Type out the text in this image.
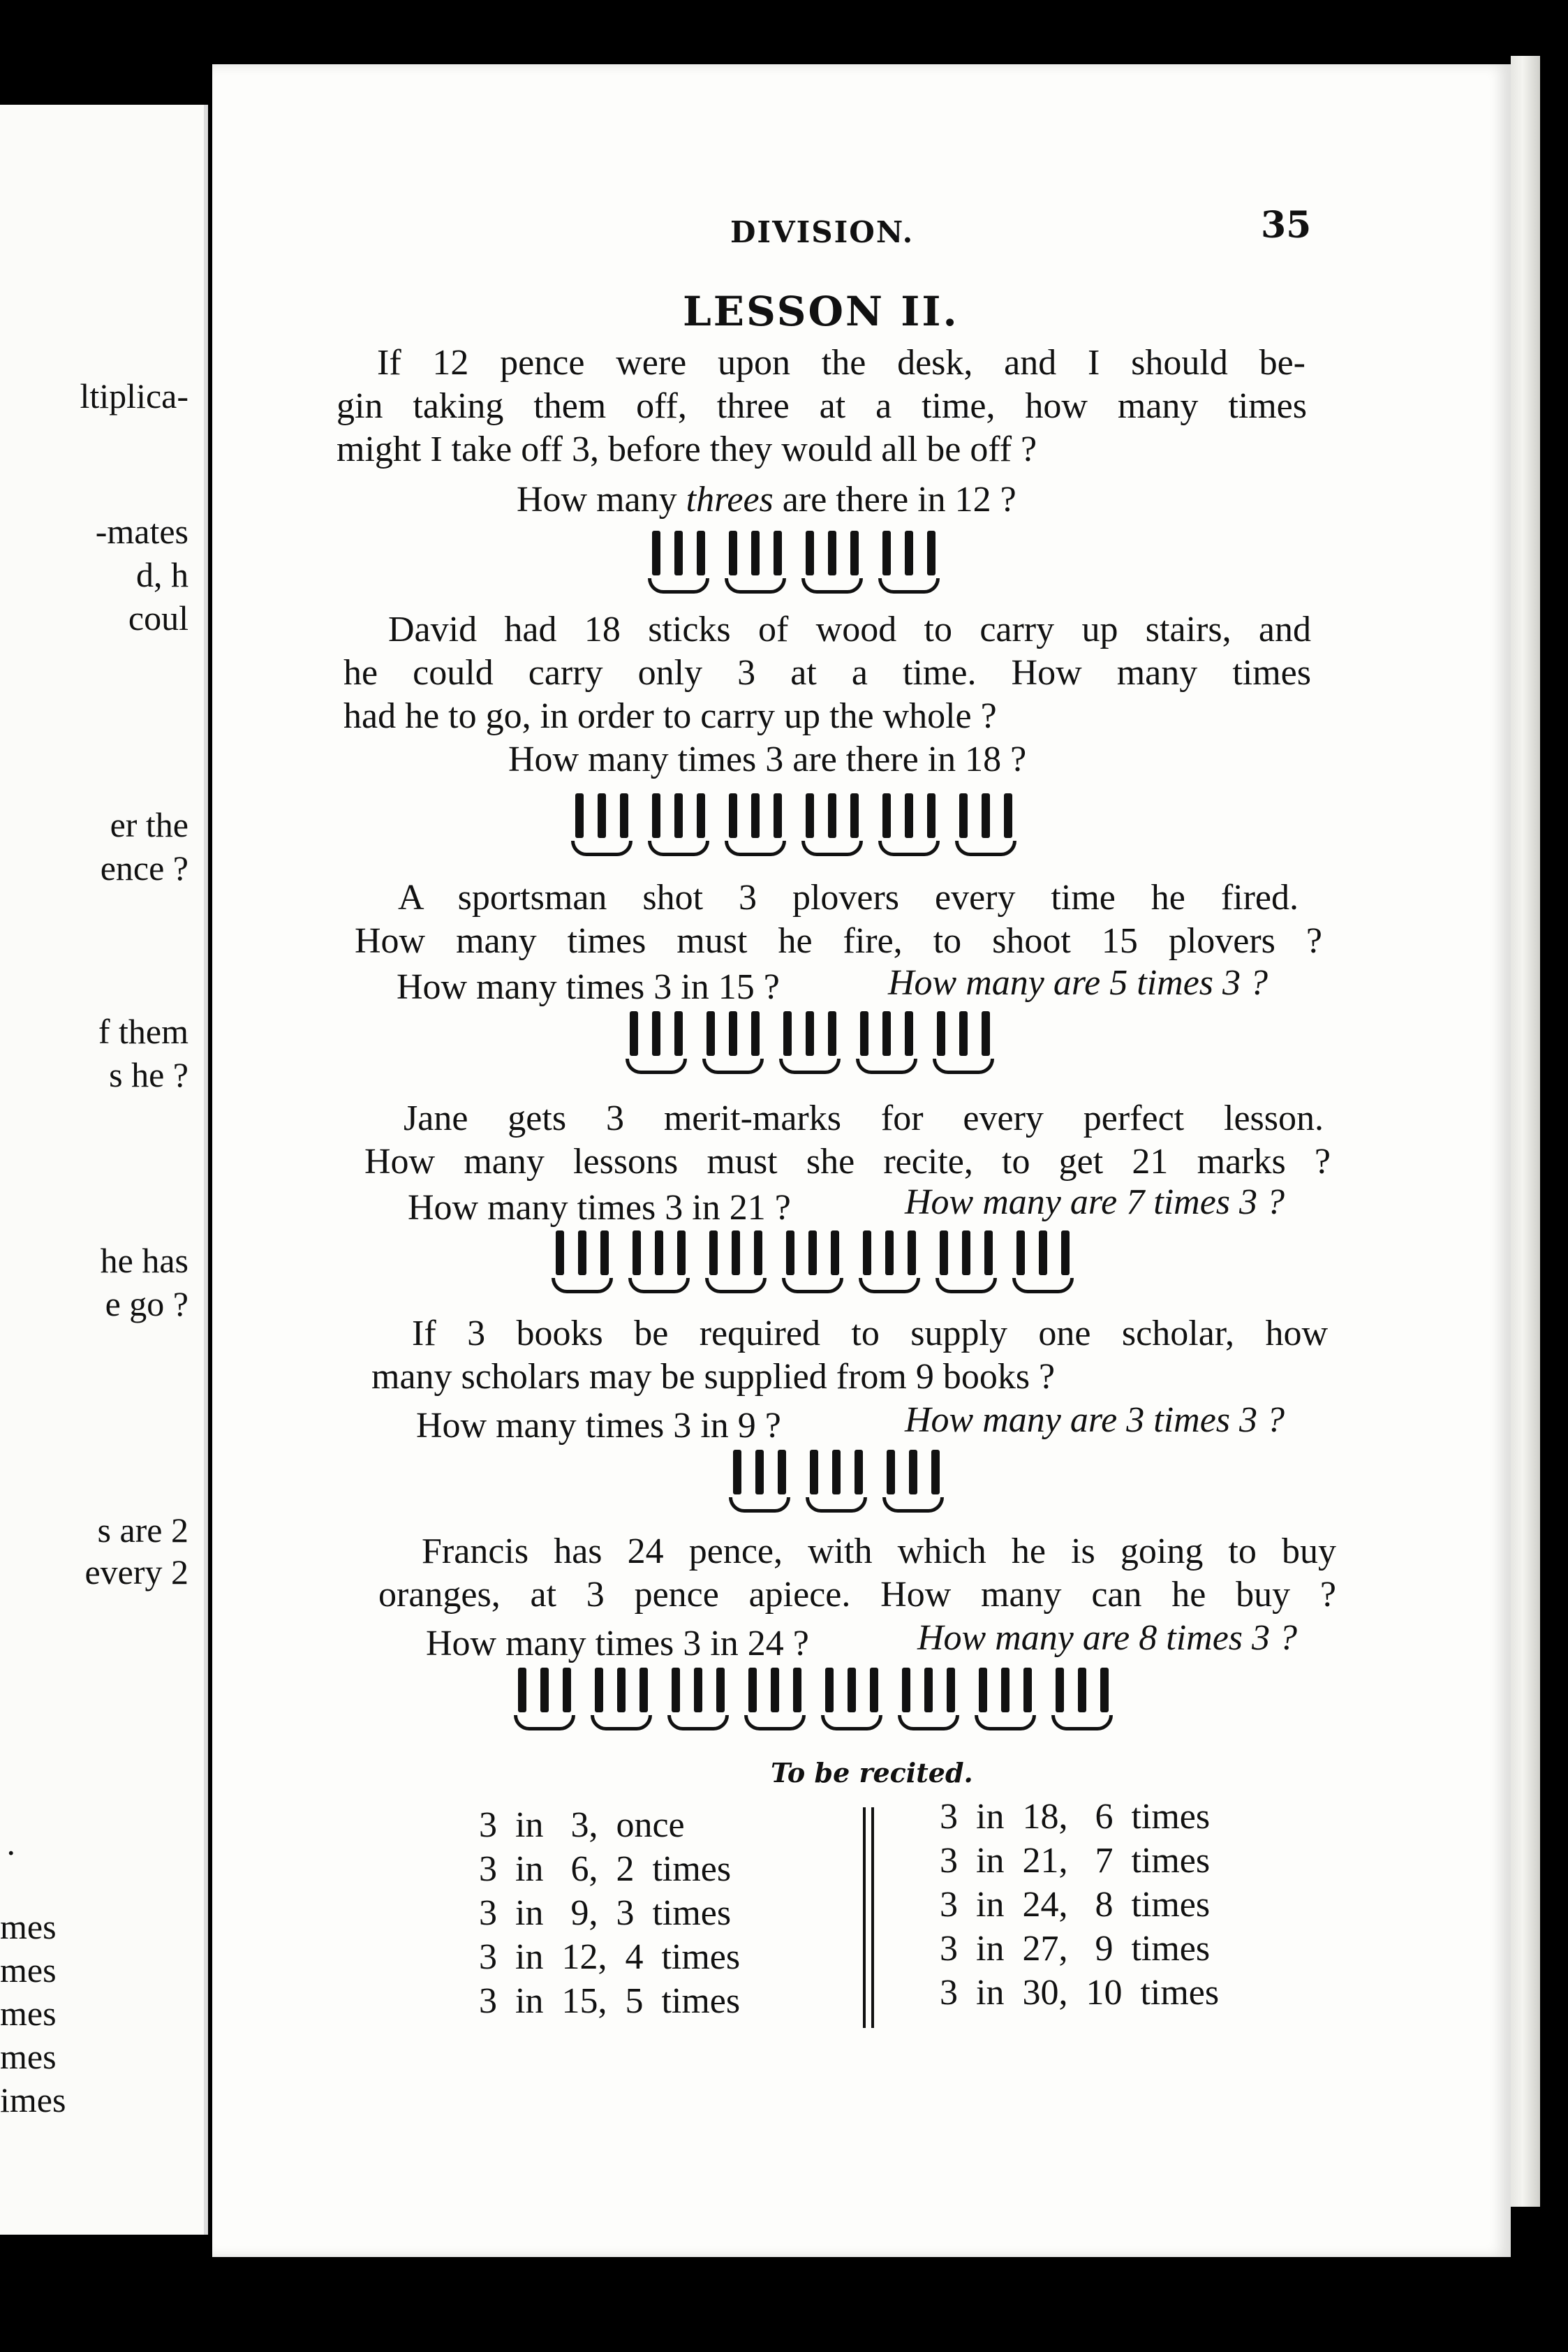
ltiplica-
-mates
d, h
coul
er the
ence ?
f them
s he ?
he has
e go ?
s are 2
every 2
.
mes
mes
mes
mes
imes
DIVISION.	35
LESSON II.
If 12 pence were upon the desk, and I should be-
gin taking them off, three at a time, how many times
might I take off 3, before they would all be off ?
How many threes are there in 12 ?
David had 18 sticks of wood to carry up stairs, and
he could carry only 3 at a time. How many times
had he to go, in order to carry up the whole ?
How many times 3 are there in 18 ?
A sportsman shot 3 plovers every time he fired.
How many times must he fire, to shoot 15 plovers ?
How many times 3 in 15 ?	How many are 5 times 3 ?
Jane gets 3 merit-marks for every perfect lesson.
How many lessons must she recite, to get 21 marks ?
How many times 3 in 21 ?	How many are 7 times 3 ?
If 3 books be required to supply one scholar, how
many scholars may be supplied from 9 books ?
How many times 3 in 9 ?	How many are 3 times 3 ?
Francis has 24 pence, with which he is going to buy
oranges, at 3 pence apiece. How many can he buy ?
How many times 3 in 24 ?	How many are 8 times 3 ?
To be recited.
3  in   3,  once
3  in   6,  2  times
3  in   9,  3  times
3  in  12,  4  times
3  in  15,  5  times
3  in  18,   6  times
3  in  21,   7  times
3  in  24,   8  times
3  in  27,   9  times
3  in  30,  10  times
